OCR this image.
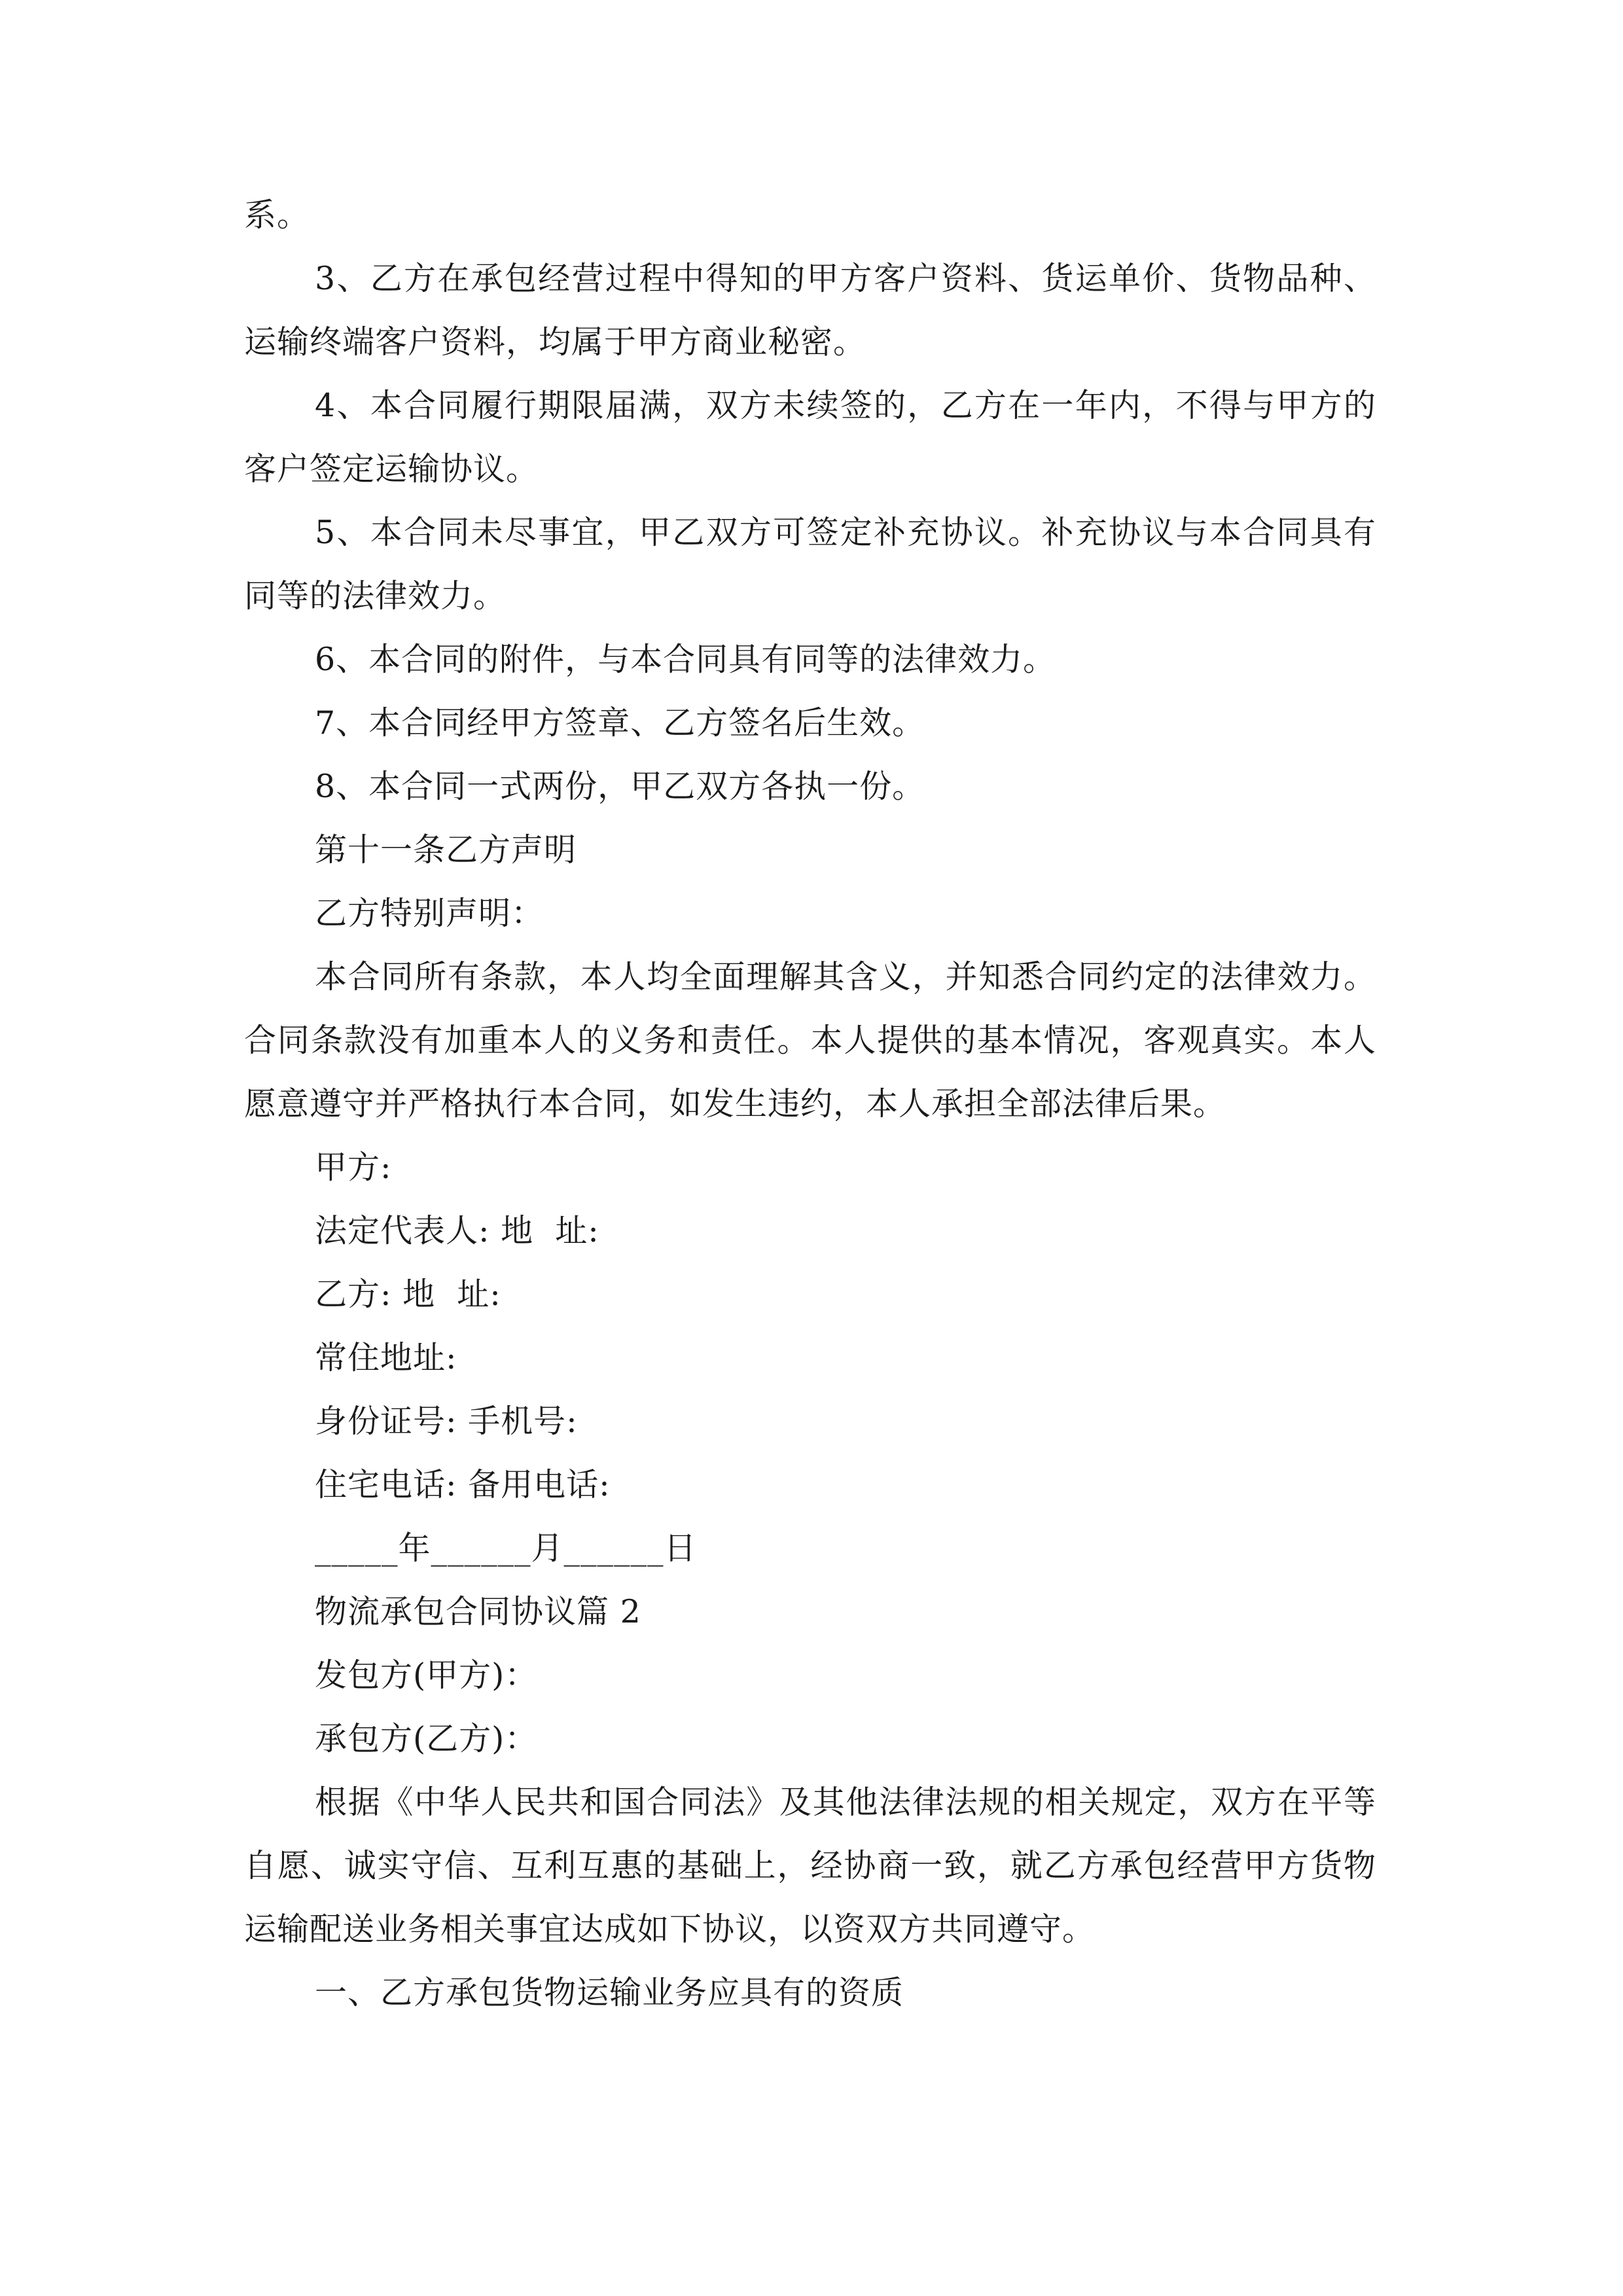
系。

3、乙方在承包经营过程中得知的甲方客户资料、货运单价、货物品种、运输终端客户资料，均属于甲方商业秘密。

4、本合同履行期限届满，双方未续签的，乙方在一年内，不得与甲方的客户签定运输协议。

5、本合同未尽事宜，甲乙双方可签定补充协议。补充协议与本合同具有同等的法律效力。

6、本合同的附件，与本合同具有同等的法律效力。

7、本合同经甲方签章、乙方签名后生效。

8、本合同一式两份，甲乙双方各执一份。

第十一条乙方声明

乙方特别声明：

本合同所有条款，本人均全面理解其含义，并知悉合同约定的法律效力。合同条款没有加重本人的义务和责任。本人提供的基本情况，客观真实。本人愿意遵守并严格执行本合同，如发生违约，本人承担全部法律后果。

甲方:

法定代表人: 地  址:

乙方: 地  址:

常住地址:

身份证号: 手机号:

住宅电话: 备用电话:

_____年______月______日

物流承包合同协议篇 2

发包方(甲方)：

承包方(乙方)：

根据《中华人民共和国合同法》及其他法律法规的相关规定，双方在平等自愿、诚实守信、互利互惠的基础上，经协商一致，就乙方承包经营甲方货物运输配送业务相关事宜达成如下协议，以资双方共同遵守。

一、乙方承包货物运输业务应具有的资质
